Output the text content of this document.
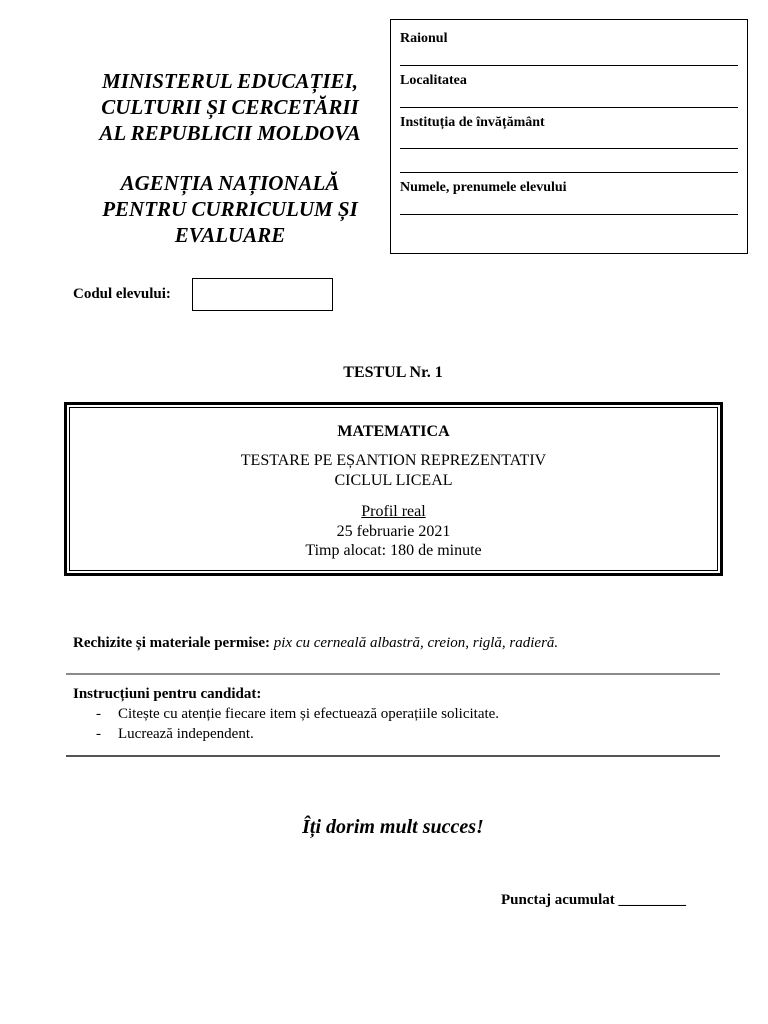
MINISTERUL EDUCAȚIEI,
CULTURII ȘI CERCETĂRII
AL REPUBLICII MOLDOVA
AGENȚIA NAȚIONALĂ
PENTRU CURRICULUM ȘI
EVALUARE
Raionul
Localitatea
Instituția de învățământ
Numele, prenumele elevului
Codul elevului:
TESTUL Nr. 1
MATEMATICA
TESTARE PE EȘANTION REPREZENTATIV
CICLUL LICEAL
Profil real
25 februarie 2021
Timp alocat: 180 de minute
Rechizite și materiale permise: pix cu cerneală albastră, creion, riglă, radieră.
Instrucțiuni pentru candidat:
- Citește cu atenție fiecare item și efectuează operațiile solicitate.
- Lucrează independent.
Îți dorim mult succes!
Punctaj acumulat _________
